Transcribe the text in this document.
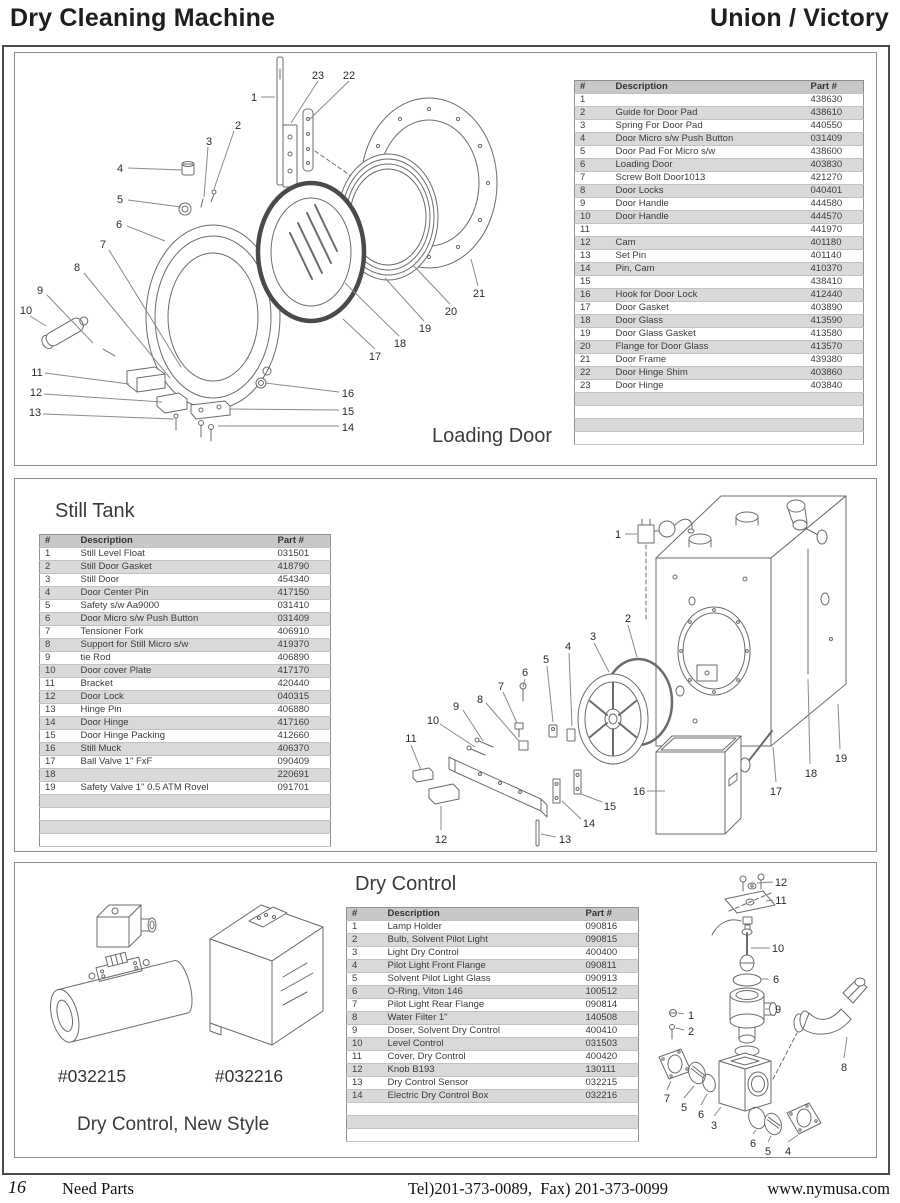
Dry Cleaning Machine	Union / Victory
1
23 22
2
3
4
5
6
7
8
9
10
11
12
13
16
15
14
17
18
19
20
21
Loading Door
#	Description	Part #
1		438630
2	Guide for Door Pad	438610
3	Spring For Door Pad	440550
4	Door Micro s/w Push Button	031409
5	Door Pad For Micro s/w	438600
6	Loading Door	403830
7	Screw Bolt Door1013	421270
8	Door Locks	040401
9	Door Handle	444580
10	Door Handle	444570
11		441970
12	Cam	401180
13	Set Pin	401140
14	Pin, Cam	410370
15		438410
16	Hook for Door Lock	412440
17	Door Gasket	403890
18	Door Glass	413590
19	Door Glass Gasket	413580
20	Flange for Door Glass	413570
21	Door Frame	439380
22	Door Hinge Shim	403860
23	Door Hinge	403840

Still Tank
#	Description	Part #
1	Still Level Float	031501
2	Still Door Gasket	418790
3	Still Door	454340
4	Door Center Pin	417150
5	Safety s/w Aa9000	031410
6	Door Micro s/w Push Button	031409
7	Tensioner Fork	406910
8	Support for Still Micro s/w	419370
9	tie Rod	406890
10	Door cover Plate	417170
11	Bracket	420440
12	Door Lock	040315
13	Hinge Pin	406880
14	Door Hinge	417160
15	Door Hinge Packing	412660
16	Still Muck	406370
17	Ball Valve 1" FxF	090409
18		220691
19	Safety Valve 1" 0.5 ATM Rovel	091701

1
2
3
4
5
6
7
8
9
10
11
12	13
14
15
16	17
18
19
Dry Control
#	Description	Part #
1	Lamp Holder	090816
2	Bulb, Solvent Pilot Light	090815
3	Light Dry Control	400400
4	Pilot Light Front Flange	090811
5	Solvent Pilot Light Glass	090913
6	O-Ring, Viton 146	100512
7	Pilot Light Rear Flange	090814
8	Water Filter 1"	140508
9	Doser, Solvent Dry Control	400410
10	Level Control	031503
11	Cover, Dry Control	400420
12	Knob B193	130111
13	Dry Control Sensor	032215
14	Electric Dry Control Box	032216

#032215	#032216
Dry Control, New Style
12
11
10
6
9
1
2
8
7
5
6
3
6
5 4
16 Need Parts	Tel)201-373-0089,  Fax) 201-373-0099	www.nymusa.com
